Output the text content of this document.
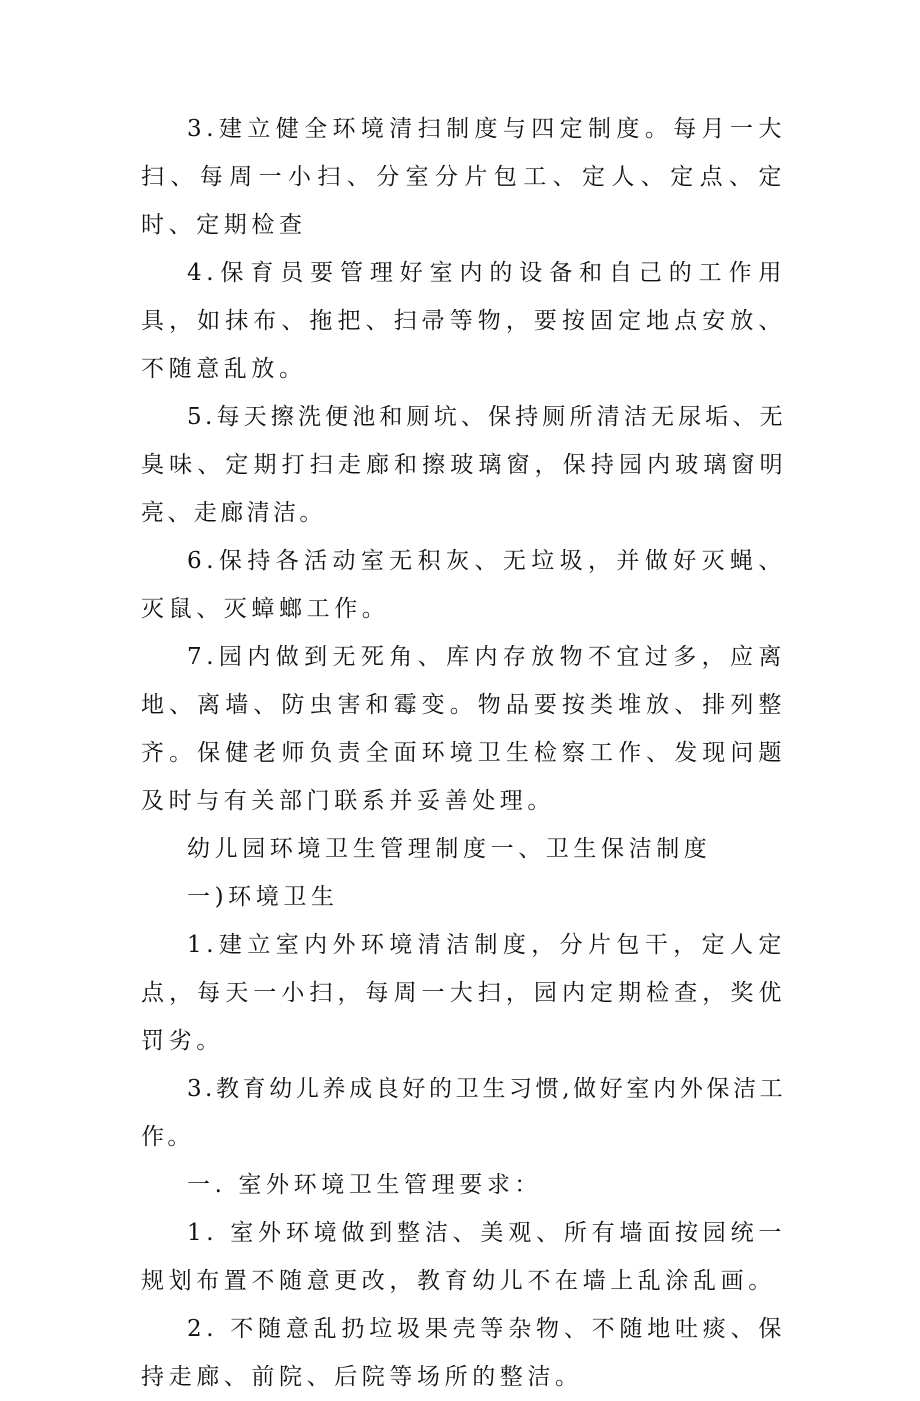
3.建立健全环境清扫制度与四定制度。每月一大扫、每周一小扫、分室分片包工、定人、定点、定时、定期检查

4.保育员要管理好室内的设备和自己的工作用具，如抹布、拖把、扫帚等物，要按固定地点安放、不随意乱放。

5.每天擦洗便池和厕坑、保持厕所清洁无尿垢、无臭味、定期打扫走廊和擦玻璃窗，保持园内玻璃窗明亮、走廊清洁。

6.保持各活动室无积灰、无垃圾，并做好灭蝇、灭鼠、灭蟑螂工作。

7.园内做到无死角、库内存放物不宜过多，应离地、离墙、防虫害和霉变。物品要按类堆放、排列整齐。保健老师负责全面环境卫生检察工作、发现问题及时与有关部门联系并妥善处理。

幼儿园环境卫生管理制度一、卫生保洁制度

一)环境卫生

1.建立室内外环境清洁制度，分片包干，定人定点，每天一小扫，每周一大扫，园内定期检查，奖优罚劣。

3.教育幼儿养成良好的卫生习惯,做好室内外保洁工作。

一. 室外环境卫生管理要求：

1. 室外环境做到整洁、美观、所有墙面按园统一规划布置不随意更改，教育幼儿不在墙上乱涂乱画。

2. 不随意乱扔垃圾果壳等杂物、不随地吐痰、保持走廊、前院、后院等场所的整洁。
